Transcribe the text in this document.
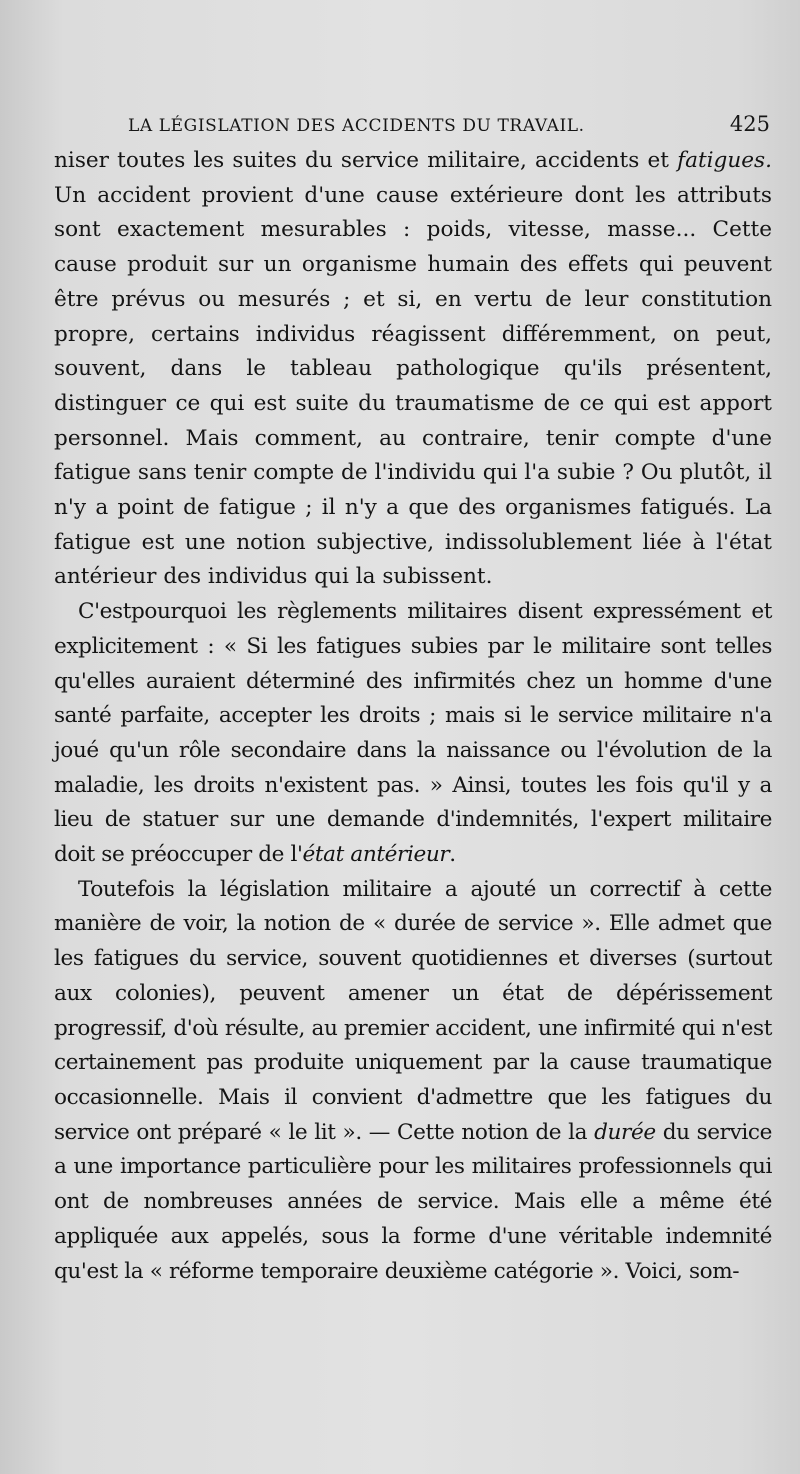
LA LÉGISLATION DES ACCIDENTS DU TRAVAIL.	425

niser toutes les suites du service militaire, accidents et fatigues. Un accident provient d'une cause extérieure dont les attributs sont exactement mesurables : poids, vitesse, masse... Cette cause produit sur un organisme humain des effets qui peuvent être prévus ou mesurés ; et si, en vertu de leur constitution propre, certains individus réagissent différemment, on peut, souvent, dans le tableau pathologique qu'ils présentent, distinguer ce qui est suite du traumatisme de ce qui est apport personnel. Mais comment, au contraire, tenir compte d'une fatigue sans tenir compte de l'individu qui l'a subie ? Ou plutôt, il n'y a point de fatigue ; il n'y a que des organismes fatigués. La fatigue est une notion subjective, indissolublement liée à l'état antérieur des individus qui la subissent.

C'estpourquoi les règlements militaires disent expressément et explicitement : « Si les fatigues subies par le militaire sont telles qu'elles auraient déterminé des infirmités chez un homme d'une santé parfaite, accepter les droits ; mais si le service militaire n'a joué qu'un rôle secondaire dans la naissance ou l'évolution de la maladie, les droits n'existent pas. » Ainsi, toutes les fois qu'il y a lieu de statuer sur une demande d'indemnités, l'expert militaire doit se préoccuper de l'état antérieur.

Toutefois la législation militaire a ajouté un correctif à cette manière de voir, la notion de « durée de service ». Elle admet que les fatigues du service, souvent quotidiennes et diverses (surtout aux colonies), peuvent amener un état de dépérissement progressif, d'où résulte, au premier accident, une infirmité qui n'est certainement pas produite uniquement par la cause traumatique occasionnelle. Mais il convient d'admettre que les fatigues du service ont préparé « le lit ». — Cette notion de la durée du service a une importance particulière pour les militaires professionnels qui ont de nombreuses années de service. Mais elle a même été appliquée aux appelés, sous la forme d'une véritable indemnité qu'est la « réforme temporaire deuxième catégorie ». Voici, som-
